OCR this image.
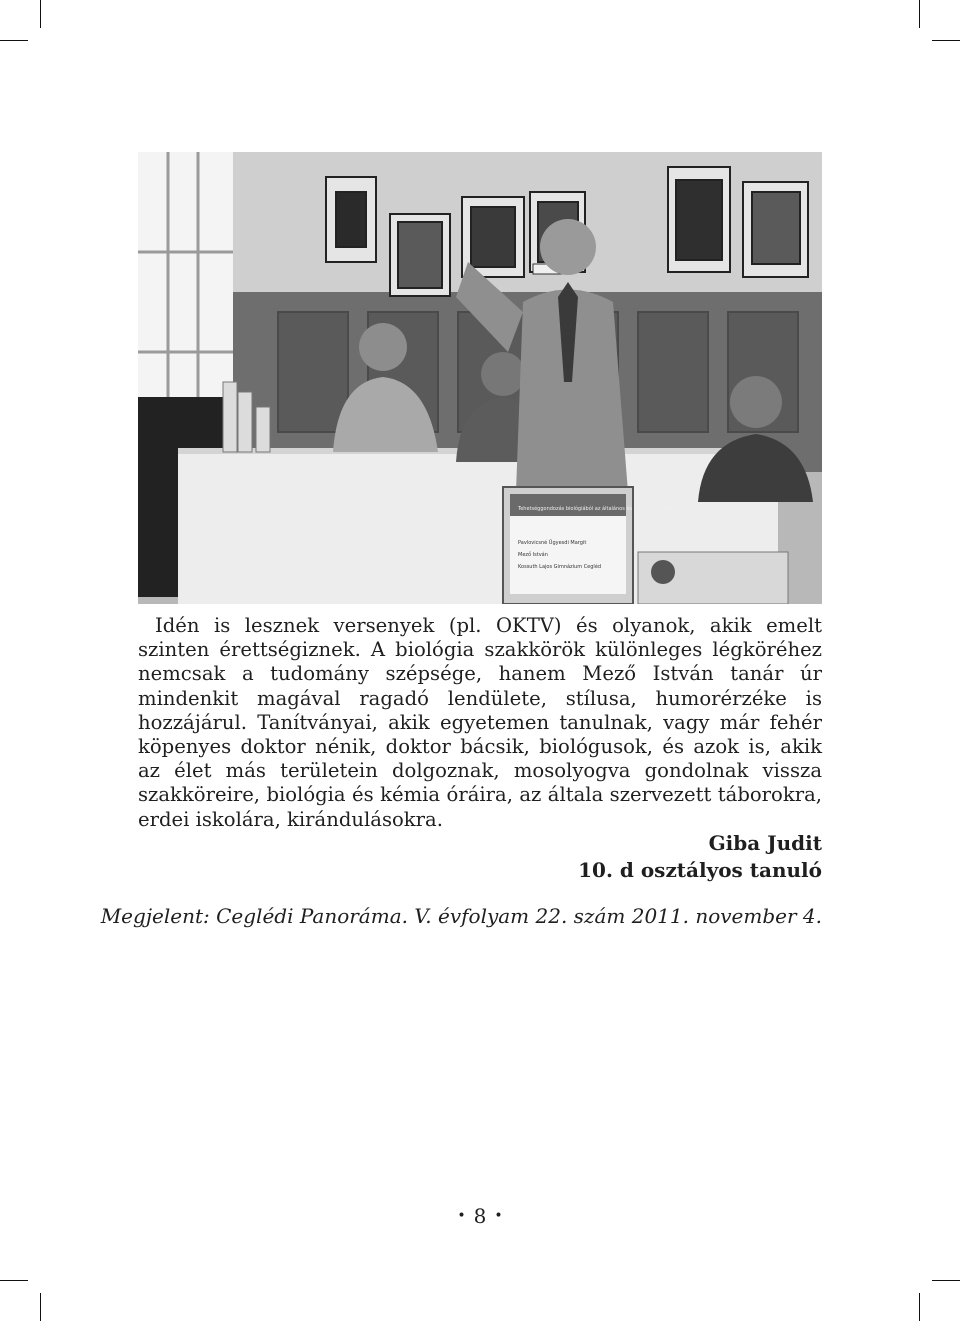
Tehetséggondozás biológiából az általános és a középiskolában
Pavlovicsné Ügyesdi Margit
Mező István
Kossuth Lajos Gimnázium Cegléd

Idén is lesznek versenyek (pl. OKTV) és olyanok, akik emelt szinten érettségiznek. A biológia szakkörök különleges légköréhez nemcsak a tudomány szépsége, hanem Mező István tanár úr mindenkit magával ragadó lendülete, stílusa, humorérzéke is hozzájárul. Tanítványai, akik egyetemen tanulnak, vagy már fehér köpenyes doktor nénik, doktor bácsik, biológusok, és azok is, akik az élet más területein dolgoznak, mosolyogva gondolnak vissza szakköreire, biológia és kémia óráira, az általa szervezett táborokra, erdei iskolára, kirándulásokra.

Giba Judit
10. d osztályos tanuló
Megjelent: Ceglédi Panoráma. V. évfolyam 22. szám 2011. november 4.
• 8 •
